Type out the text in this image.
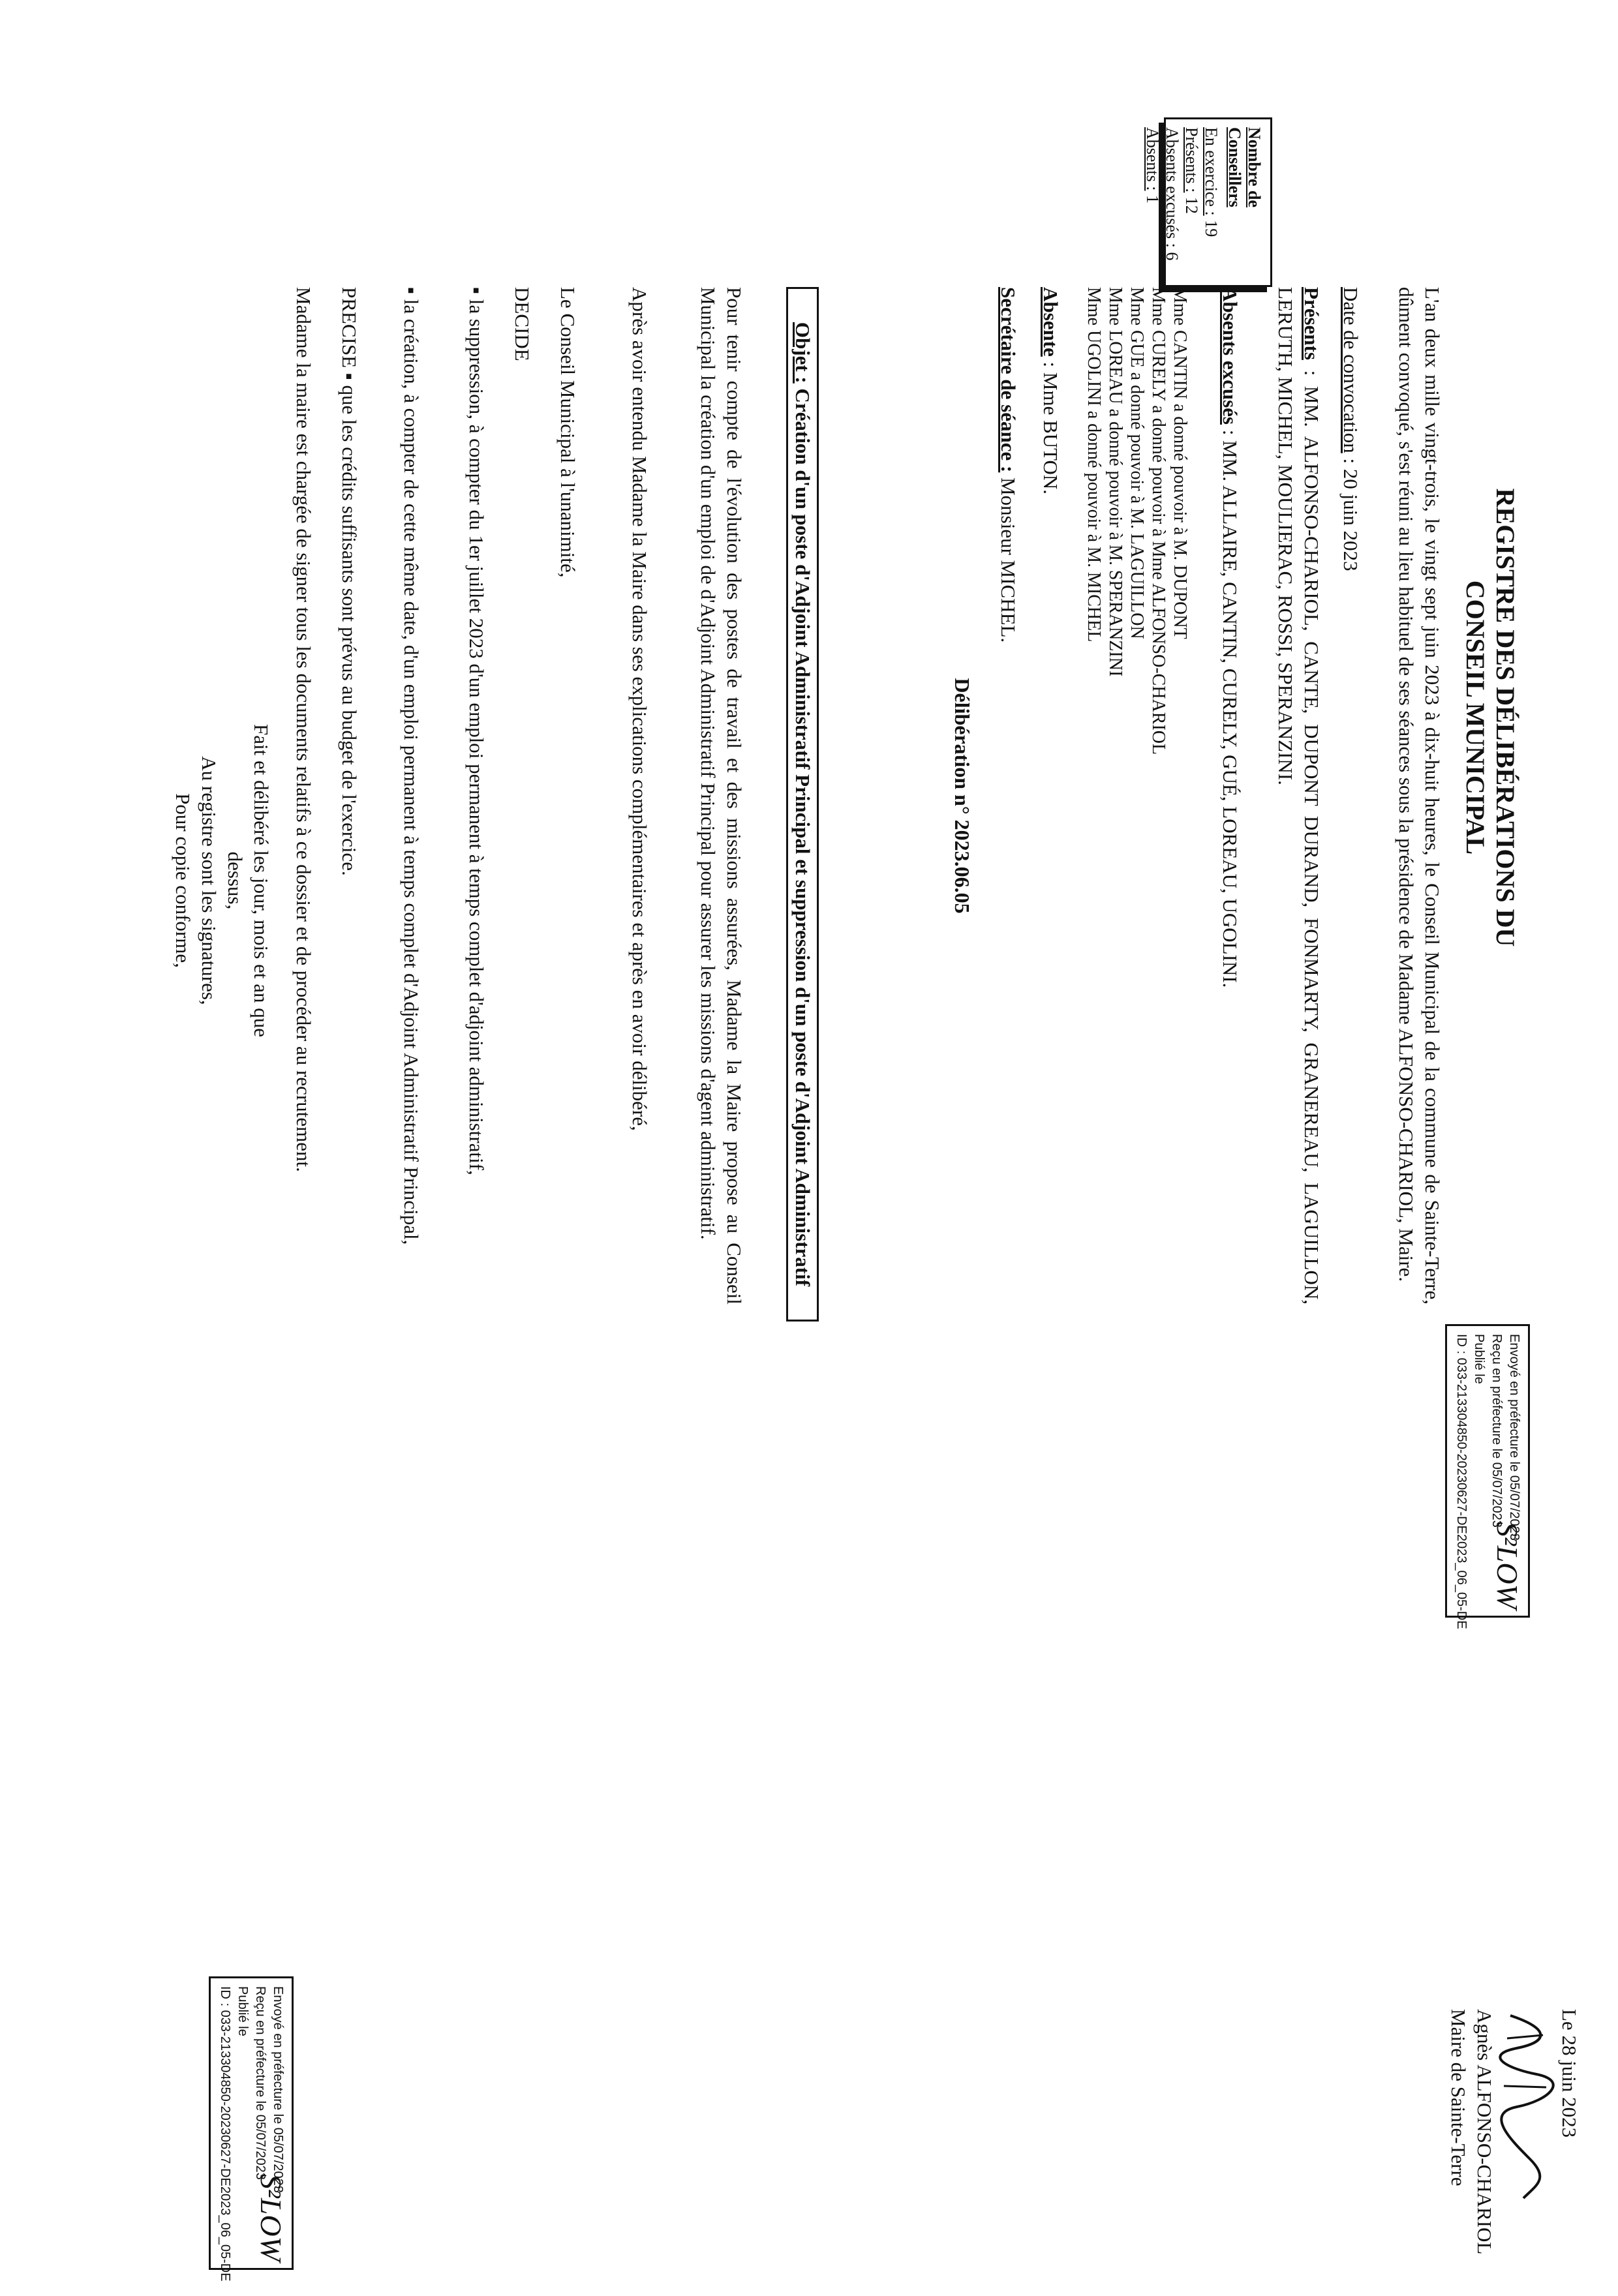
REGISTRE DES DÉLIBÉRATIONS DU
CONSEIL MUNICIPAL
Envoyé en préfecture le 05/07/2023
Reçu en préfecture le 05/07/2023
Publié le
ID : 033-213304850-20230627-DE2023_06_05-DE S²LOW
L'an deux mille vingt-trois, le vingt sept juin 2023 à dix-huit heures, le Conseil Municipal de la commune de Sainte-Terre, dûment convoqué, s'est réuni au lieu habituel de ses séances sous la présidence de Madame ALFONSO-CHARIOL, Maire.
Date de convocation : 20 juin 2023
Nombre de
Conseillers
En exercice : 19
Présents : 12
Absents excusés : 6
Absents : 1
Présents : MM. ALFONSO-CHARIOL, CANTE, DUPONT DURAND, FONMARTY, GRANEREAU, LAGUILLON, LERUTH, MICHEL, MOULIERAC, ROSSI, SPERANZINI.
Absents excusés : MM. ALLAIRE, CANTIN, CURELY, GUÉ, LOREAU, UGOLINI.
Mme CANTIN a donné pouvoir à M. DUPONT
Mme CURELY a donné pouvoir à Mme ALFONSO-CHARIOL
Mme GUE a donné pouvoir à M. LAGUILLON
Mme LOREAU a donné pouvoir à M. SPERANZINI
Mme UGOLINI a donné pouvoir à M. MICHEL
Absente : Mme BUTON.
Secrétaire de séance : Monsieur MICHEL.
Délibération n° 2023.06.05
Objet : Création d'un poste d'Adjoint Administratif Principal et suppression d'un poste d'Adjoint Administratif
Pour tenir compte de l'évolution des postes de travail et des missions assurées, Madame la Maire propose au Conseil Municipal la création d'un emploi de d'Adjoint Administratif Principal pour assurer les missions d'agent administratif.
Après avoir entendu Madame la Maire dans ses explications complémentaires et après en avoir délibéré,
Le Conseil Municipal à l'unanimité,
DECIDE
▪ la suppression, à compter du 1er juillet 2023 d'un emploi permanent à temps complet d'adjoint administratif,
▪ la création, à compter de cette même date, d'un emploi permanent à temps complet d'Adjoint Administratif Principal,
PRECISE ▪ que les crédits suffisants sont prévus au budget de l'exercice.
Madame la maire est chargée de signer tous les documents relatifs à ce dossier et de procéder au recrutement.
Fait et délibéré les jour, mois et an que
dessus,
Au registre sont les signatures,
Pour copie conforme,
Le 28 juin 2023
Agnès ALFONSO-CHARIOL
Maire de Sainte-Terre
Envoyé en préfecture le 05/07/2023
Reçu en préfecture le 05/07/2023
Publié le
ID : 033-213304850-20230627-DE2023_06_05-DE S²LOW
